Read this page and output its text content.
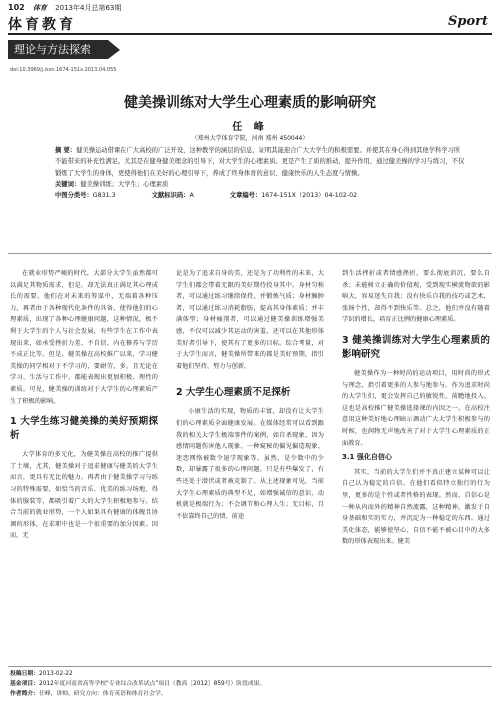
102 体育 2013年4月总第63期
体育教育	Sport
理论与方法探索
doi:10.3969/j.issn.1674-151x.2013.04.055
健美操训练对大学生心理素质的影响研究
任 峰
（郑州大学体育学院，河南 郑州 450044）

摘 要：健美操运动借课在广大高校的广泛开设，这种教学的涵层的信息，证明其能迎合广大大学生的积极需要。并使其在身心得到其他学科学习所不能带来的补充性满足。尤其是在健身健美理念的引导下，对大学生的心理素质。更是产生了质的推动，提升作用，通过健美操的学习与练习，不仅锻炼了大学生的身体，更使得他们在美好的心理引导下，养成了终身体育的意识、健康快乐的人生态度与情操。

关键词：健美操训练；大学生；心理素质

中图分类号：G831.3	文献标识码：A	文章编号：1674-151X（2013）04-102-02

在就业形势严峻的时代，大部分大学生虽然都可以满足其物质需求，但是，却无法真正满足其心理成长的需要。他们在对未来的筹谋中，无端着各种压力，再者由于各种现代化条件的具备，使得他们的心理素质，出现了各种心理健康问题，这种情况，极不利于大学生的个人与社会发展，有些学生在工作中表现出来，如承受挫折力差、不自信、内在修养与学历不成正比等。但是，健美操在高校推广以来，学习健美操的同学相对于不学习的，要耐劳、多，且无论在学习、生活与工作中，都能表现出更加积极、理性的素质。可见，健美操的训练对于大学生的心理素质产生了积极的影响。

1 大学生练习健美操的美好预期探析

大学体育的多元化，为健美操在高校的推广提供了土壤，尤其，健美操对于追求健康与健美的大学生而言，更具有无比的魅力。再者由于健美操学习与练习的特殊需要，如恰当的音乐、优美的练习场地、得体的服装等，都吸引着广大的大学生积极地参与。结合当前的就业形势，一个人如果具有健康的体魄且协调的形体，在求职中也是一个很重要的加分因素。因而，无

论是为了追求自身的美，还是为了功利性的未来，大学生们都会带着无限的美好期待投身其中。身材匀称者，可以通过练习继续保持，并锻炼气质；身材臃肿者，可以通过练习消耗脂肪，提高其身体素质；并丰满体型；身材瘦削者，可以通过健美操训练增强美感，不仅可以减少其运动的害羞，还可以在其他形体美好者引导下，使其有了更多的目标。综合考量，对于大学生而言，健美操所带来的都是美好预期，指引着他们坚持、努力与创新。

2 大学生心理素质不足探析

小康生活的实现，物质的丰富，却没有让大学生们的心理素质全面健康发展。在媒体经常可以看到跟我的相关大学生极端事件的案例，如自杀现象、因为感情问题伤害他人现象、一种窥秘的偏见偏造现象、迷恋网络被数令退学现象等。虽然，是少数中的少数，却暴露了很多的心理问题。只是有些爆发了，有些还处于潜伏或者被克制了。从上述现象可见，当前大学生心理素质的典型不足，如增强诚信的意识、动机就是极端行为；不会调节和心理人生；无目标，且不依靠终自己的情、前途

到生活挫折或者情感挫折，要么彻底消沉，要么自杀；未能树立正确的价值观，受到现实横流物欲的影响大，容易迷失自我；没有快乐自我的技巧或艺术，张扬个性，却得不到快乐等。总之，他们并没有随着学识的增长，培育正比例的健康心理素质。

3 健美操训练对大学生心理素质的影响研究

健美操作为一种时尚的运动项目，用时尚的形式与理念，指引着更多的人参与地参与。作为追求时尚的大学生们，更会发挥自己的敏锐性，前瞻地投入。这也是高校推广健美操选择课的内因之一。在高校注意用这种美好地心理暗示调动广大大学生积极参与的时候，也润物无声地改善了对于大学生心理素质的正面教育。

3.1 强化自信心

其实，当前的大学生们并不真正建立某种可以让自己认为稳定的自信。在他们看似特立独行的行为里，更多的是个性或者性格的表现。然而，自信心是一种从内而外的精神自然流露，这种精神，激发于自身基础和实的实力，并沉淀为一种稳定的东西。通过美化体态，能够使坚心、自信不能不被心目中的大多数的形体表现出来。健美

投稿日期：2013-02-22
基金项目：2012年度河南省高等学校“专业综合改革试点”项目（教高［2012］859号）阶段成果。
作者简介：任峰，讲师。研究方向：体育英语和体育社会学。
